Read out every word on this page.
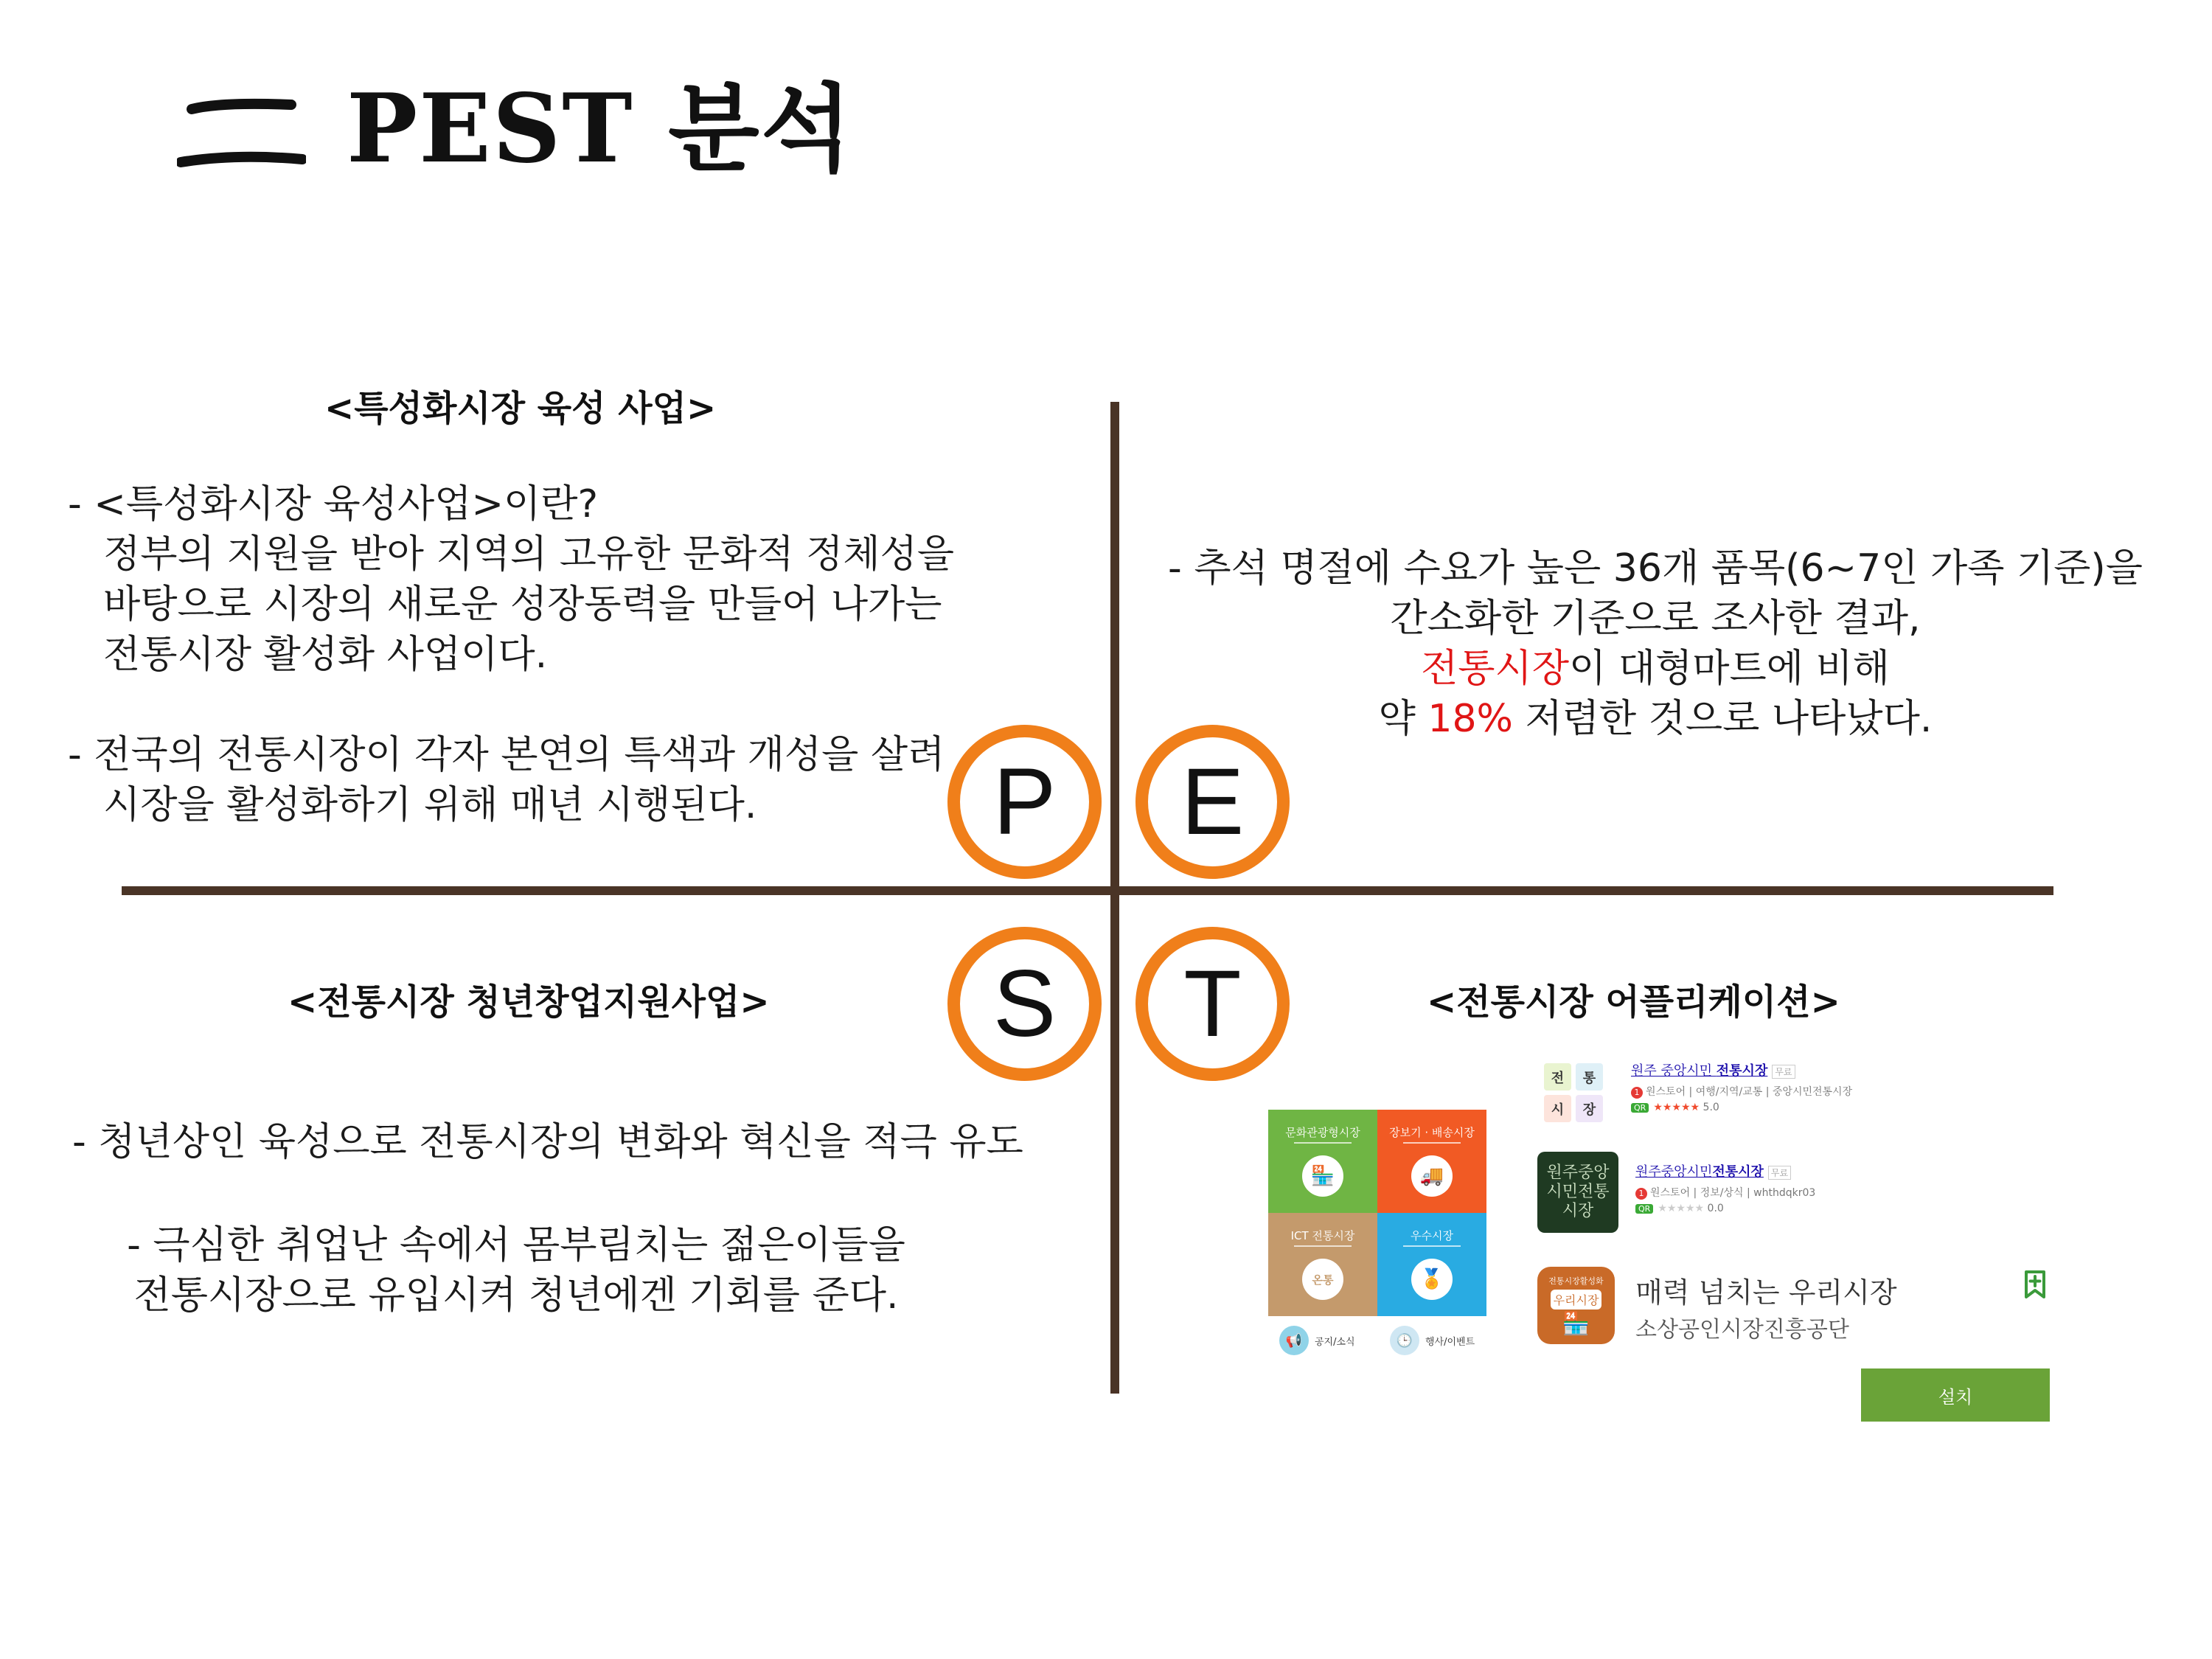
PEST 분석
P	E
S	T
<특성화시장 육성 사업>
- <특성화시장 육성사업>이란?

정부의 지원을 받아 지역의 고유한 문화적 정체성을

바탕으로 시장의 새로운 성장동력을 만들어 나가는

전통시장 활성화 사업이다.

- 전국의 전통시장이 각자 본연의 특색과 개성을 살려
시장을 활성화하기 위해 매년 시행된다.

- 추석 명절에 수요가 높은 36개 품목(6~7인 가족 기준)을

간소화한 기준으로 조사한 결과,

전통시장이 대형마트에 비해

약 18% 저렴한 것으로 나타났다.

<전통시장 청년창업지원사업>
- 청년상인 육성으로 전통시장의 변화와 혁신을 적극 유도

- 극심한 취업난 속에서 몸부림치는 젊은이들을

전통시장으로 유입시켜 청년에겐 기회를 준다.

<전통시장 어플리케이션>
문화관광형시장
🏪
장보기 · 배송시장
🚚
ICT 전통시장
온통
우수시장
🏅
📢	공지/소식	🕒	행사/이벤트
전	통
시	장
원주 중앙시민 전통시장 무료
1 원스토어 | 여행/지역/교통 | 중앙시민전통시장
QR ★★★★★ 5.0
원주중앙 시민전통 시장
원주중앙시민전통시장 무료
1 원스토어 | 정보/상식 | whthdqkr03
QR ★★★★★ 0.0
전통시장활성화
우리시장
🏪
매력 넘치는 우리시장
소상공인시장진흥공단
설치
